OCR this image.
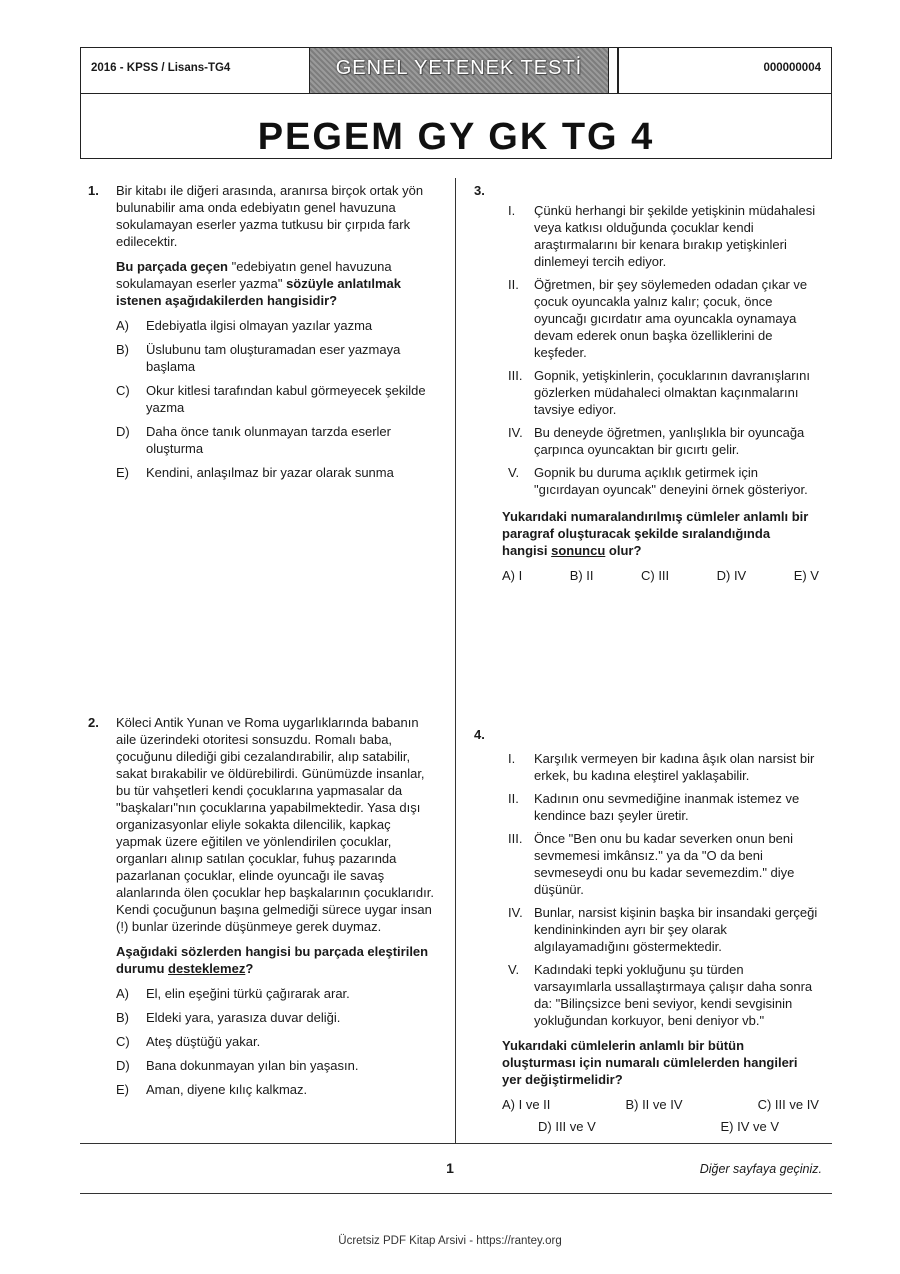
2016 - KPSS / Lisans-TG4	GENEL YETENEK TESTİ	000000004
PEGEM GY GK TG 4
1. Bir kitabı ile diğeri arasında, aranırsa birçok ortak yön bulunabilir ama onda edebiyatın genel havuzuna sokulamayan eserler yazma tutkusu bir çırpıda fark edilecektir.

Bu parçada geçen "edebiyatın genel havuzuna sokulamayan eserler yazma" sözüyle anlatılmak istenen aşağıdakilerden hangisidir?

A)	Edebiyatla ilgisi olmayan yazılar yazma
B)	Üslubunu tam oluşturamadan eser yazmaya başlama
C)	Okur kitlesi tarafından kabul görmeyecek şekilde yazma
D)	Daha önce tanık olunmayan tarzda eserler oluşturma
E)	Kendini, anlaşılmaz bir yazar olarak sunma
2. Köleci Antik Yunan ve Roma uygarlıklarında babanın aile üzerindeki otoritesi sonsuzdu. Romalı baba, çocuğunu dilediği gibi cezalandırabilir, alıp satabilir, sakat bırakabilir ve öldürebilirdi. Günümüzde insanlar, bu tür vahşetleri kendi çocuklarına yapmasalar da "başkaları"nın çocuklarına yapabilmektedir. Yasa dışı organizasyonlar eliyle sokakta dilencilik, kapkaç yapmak üzere eğitilen ve yönlendirilen çocuklar, organları alınıp satılan çocuklar, fuhuş pazarında pazarlanan çocuklar, elinde oyuncağı ile savaş alanlarında ölen çocuklar hep başkalarının çocuklarıdır. Kendi çocuğunun başına gelmediği sürece uygar insan (!) bunlar üzerinde düşünmeye gerek duymaz.

Aşağıdaki sözlerden hangisi bu parçada eleştirilen durumu desteklemez?

A)	El, elin eşeğini türkü çağırarak arar.
B)	Eldeki yara, yarasıza duvar deliği.
C)	Ateş düştüğü yakar.
D)	Bana dokunmayan yılan bin yaşasın.
E)	Aman, diyene kılıç kalkmaz.
3.
I.	Çünkü herhangi bir şekilde yetişkinin müdahalesi veya katkısı olduğunda çocuklar kendi araştırmalarını bir kenara bırakıp yetişkinleri dinlemeyi tercih ediyor.
II.	Öğretmen, bir şey söylemeden odadan çıkar ve çocuk oyuncakla yalnız kalır; çocuk, önce oyuncağı gıcırdatır ama oyuncakla oynamaya devam ederek onun başka özelliklerini de keşfeder.
III. Gopnik, yetişkinlerin, çocuklarının davranışlarını gözlerken müdahaleci olmaktan kaçınmalarını tavsiye ediyor.
IV. Bu deneyde öğretmen, yanlışlıkla bir oyuncağa çarpınca oyuncaktan bir gıcırtı gelir.
V.	Gopnik bu duruma açıklık getirmek için "gıcırdayan oyuncak" deneyini örnek gösteriyor.

Yukarıdaki numaralandırılmış cümleler anlamlı bir paragraf oluşturacak şekilde sıralandığında hangisi sonuncu olur?

A) I	B) II	C) III	D) IV	E) V
4.
I.	Karşılık vermeyen bir kadına âşık olan narsist bir erkek, bu kadına eleştirel yaklaşabilir.
II.	Kadının onu sevmediğine inanmak istemez ve kendince bazı şeyler üretir.
III. Önce "Ben onu bu kadar severken onun beni sevmemesi imkânsız." ya da "O da beni sevmeseydi onu bu kadar sevemezdim." diye düşünür.
IV. Bunlar, narsist kişinin başka bir insandaki gerçeği kendininkinden ayrı bir şey olarak algılayamadığını göstermektedir.
V.	Kadındaki tepki yokluğunu şu türden varsayımlarla ussallaştırmaya çalışır daha sonra da: "Bilinçsizce beni seviyor, kendi sevgisinin yokluğundan korkuyor, beni deniyor vb."

Yukarıdaki cümlelerin anlamlı bir bütün oluşturması için numaralı cümlelerden hangileri yer değiştirmelidir?

A) I ve II	B) II ve IV	C) III ve IV
D) III ve V	E) IV ve V
1	Diğer sayfaya geçiniz.
Ücretsiz PDF Kitap Arsivi - https://rantey.org
